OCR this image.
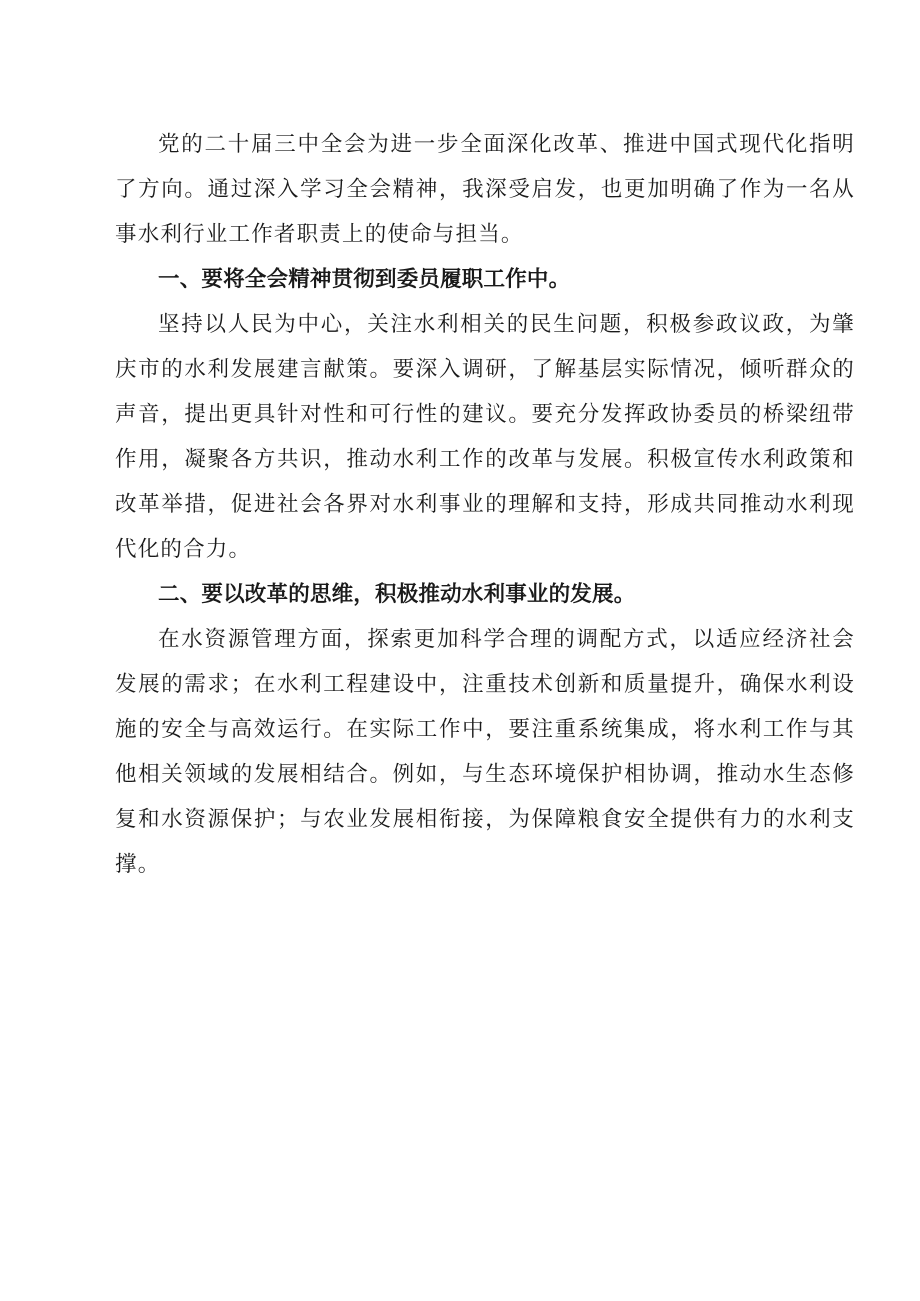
党的二十届三中全会为进一步全面深化改革、推进中国式现代化指明了方向。通过深入学习全会精神，我深受启发，也更加明确了作为一名从事水利行业工作者职责上的使命与担当。

一、要将全会精神贯彻到委员履职工作中。

坚持以人民为中心，关注水利相关的民生问题，积极参政议政，为肇庆市的水利发展建言献策。要深入调研，了解基层实际情况，倾听群众的声音，提出更具针对性和可行性的建议。要充分发挥政协委员的桥梁纽带作用，凝聚各方共识，推动水利工作的改革与发展。积极宣传水利政策和改革举措，促进社会各界对水利事业的理解和支持，形成共同推动水利现代化的合力。

二、要以改革的思维，积极推动水利事业的发展。

在水资源管理方面，探索更加科学合理的调配方式，以适应经济社会发展的需求；在水利工程建设中，注重技术创新和质量提升，确保水利设施的安全与高效运行。在实际工作中，要注重系统集成，将水利工作与其他相关领域的发展相结合。例如，与生态环境保护相协调，推动水生态修复和水资源保护；与农业发展相衔接，为保障粮食安全提供有力的水利支撑。
